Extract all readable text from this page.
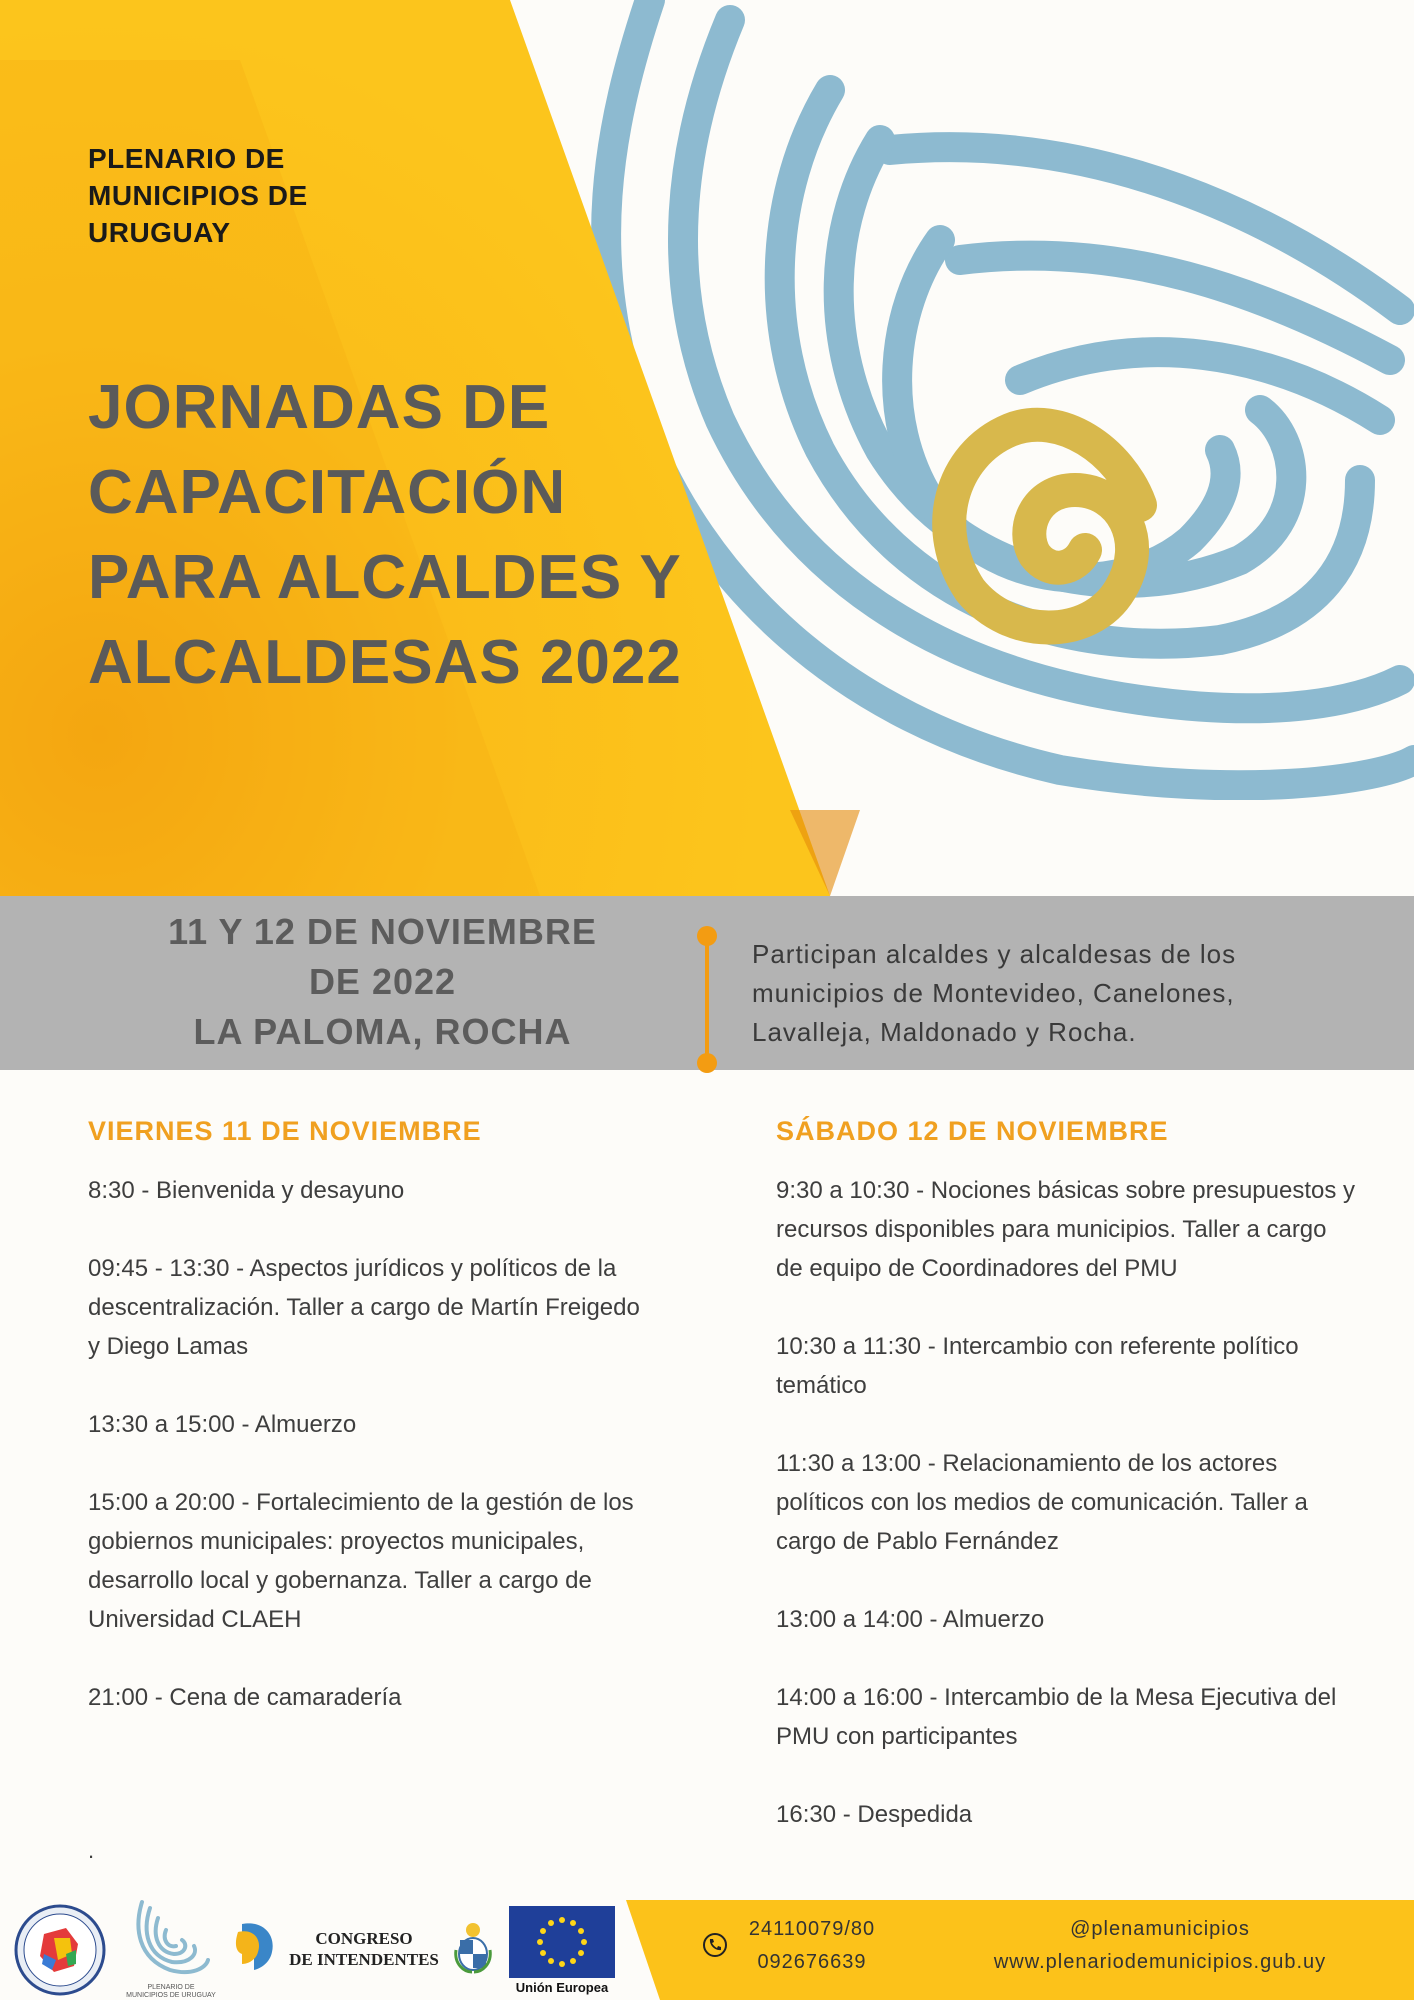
PLENARIO DE MUNICIPIOS DE URUGUAY
JORNADAS DE CAPACITACIÓN PARA ALCALDES Y ALCALDESAS 2022
11 Y 12 DE NOVIEMBRE
DE 2022
LA PALOMA, ROCHA
Participan alcaldes y alcaldesas de los municipios de Montevideo, Canelones, Lavalleja, Maldonado y Rocha.
VIERNES 11 DE NOVIEMBRE

8:30 - Bienvenida y desayuno

09:45 - 13:30 - Aspectos jurídicos y políticos de la descentralización. Taller a cargo de Martín Freigedo y Diego Lamas

13:30 a 15:00 - Almuerzo

15:00 a 20:00 - Fortalecimiento de la gestión de los gobiernos municipales: proyectos municipales, desarrollo local y gobernanza. Taller a cargo de Universidad CLAEH

21:00 - Cena de camaradería

.
SÁBADO 12 DE NOVIEMBRE

9:30 a 10:30 - Nociones básicas sobre presupuestos y recursos disponibles para municipios. Taller a cargo de equipo de Coordinadores del PMU

10:30 a 11:30 - Intercambio con referente político temático

11:30 a 13:00 - Relacionamiento de los actores políticos con los medios de comunicación. Taller a cargo de Pablo Fernández

13:00 a 14:00 - Almuerzo

14:00 a 16:00 - Intercambio de la Mesa Ejecutiva del PMU con participantes

16:30 - Despedida

PLENARIO DE MUNICIPIOS DE URUGUAY
CONGRESO
DE INTENDENTES
Unión Europea
24110079/80
092676639
@plenamunicipios
www.plenariodemunicipios.gub.uy
